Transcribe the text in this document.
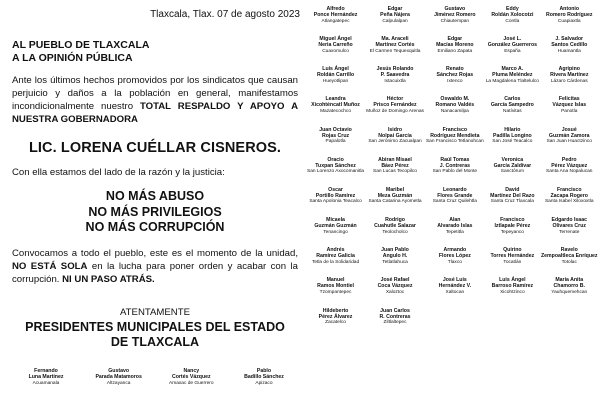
Tlaxcala, Tlax. 07 de agosto 2023
AL PUEBLO DE TLAXCALA
A LA OPINIÓN PÚBLICA

Ante los últimos hechos promovidos por los sindicatos que causan perjuicio y daños a la población en general, manifestamos incondicionalmente nuestro TOTAL RESPALDO Y APOYO A NUESTRA GOBERNADORA

LIC. LORENA CUÉLLAR CISNEROS.

Con ella estamos del lado de la razón y la justicia:

NO MÁS ABUSO
NO MÁS PRIVILEGIOS
NO MÁS CORRUPCIÓN

Convocamos a todo el pueblo, este es el momento de la unidad, NO ESTÁ SOLA en la lucha para poner orden y acabar con la corrupción. NI UN PASO ATRÁS.

ATENTAMENTE
PRESIDENTES MUNICIPALES DEL ESTADO
DE TLAXCALA
Fernando
Luna Martínez
Acuamanala
Gustavo
Parada Matamoros
Altzayanca
Nancy
Cortés Vázquez
Amaxac de Guerrero
Pablo
Badillo Sánchez
Apizaco
Alfredo
Ponce Hernández
Atlangatepec
Edgar
Peña Nájera
Calpulalpan
Gustavo
Jiménez Romero
Chiautempan
Eddy
Roldán Xolocotzi
Contla
Antonio
Romero Rodríguez
Cuapiaxtla
Miguel Ángel
Neria Carreño
Cuaxomulco
Ma. Araceli
Martínez Cortés
El Carmen Tequexquitla
Edgar
Macías Moreno
Emiliano Zapata
José L.
González Guerreros
España
J. Salvador
Santos Cedillo
Huamantla
Luis Ángel
Roldán Carrillo
Hueyotlipan
Jesús Rolando
P. Saavedra
Ixtacuixtla
Renato
Sánchez Rojas
Ixtenco
Marco A.
Pluma Meléndez
La Magdalena Tlaltelulco
Agripino
Rivera Martínez
Lázaro Cárdenas
Leandra
Xicohténcatl Muñoz
Mazatecochco
Héctor
Prisco Fernández
Muñoz de Domingo Arenas
Oswaldo M.
Romano Valdés
Nanacamilpa
Carlos
García Sampedro
Natívitas
Felicitas
Vázquez Islas
Panotla
Juan Octavio
Rojas Cruz
Papalotla
Isidro
Nolpai García
San Jerónimo Zacualpan
Francisco
Rodríguez Mendieta
San Francisco Tetlanohcan
Hilario
Padilla Longino
San José Teacalco
Josué
Guzmán Zamora
San Juan Huactzinco
Oracio
Tuxpan Sánchez
San Lorenzo Axocomanitla
Abiran Misael
Báez Pérez
San Lucas Tecopilco
Raúl Tomas
J. Contreras
San Pablo del Monte
Veronica
García Zaldívar
Sanctórum
Pedro
Pérez Vázquez
Santa Ana Nopalucan
Oscar
Portillo Ramírez
Santa Apolonia Teacalco
Maribel
Meza Guzmán
Santa Catarina Ayometla
Leonardo
Flores Grande
Santa Cruz Quilehtla
David
Martínez Del Razo
Santa Cruz Tlaxcala
Francisco
Zacapa Rogero
Santa Isabel Xiloxoxtla
Micaela
Guzmán Guzmán
Tenancingo
Rodrigo
Cuahutle Salazar
Teolocholco
Alan
Alvarado Islas
Tepetitla
Francisco
Iztlapale Pérez
Tepeyanco
Edgardo Isaac
Olivares Cruz
Terrenate
Andrés
Ramírez Galicia
Tetla de la Solidaridad
Juan Pablo
Angulo H.
Tetlatlahuca
Armando
Flores López
Tlaxco
Quirino
Torres Hernández
Tocatlán
Ravelo
Zempoaltleca Enríquez
Totolac
Manuel
Ramos Montiel
Tzompantepec
José Rafael
Coca Vázquez
Xaloztoc
José Luis
Hernández V.
Xaltocan
Luis Ángel
Barroso Ramírez
Xicohtzinco
María Anita
Chamorro B.
Yauhquemehcan
Hildeberto
Pérez Álvarez
Zacatelco
Juan Carlos
R. Contreras
Ziltlaltepec
